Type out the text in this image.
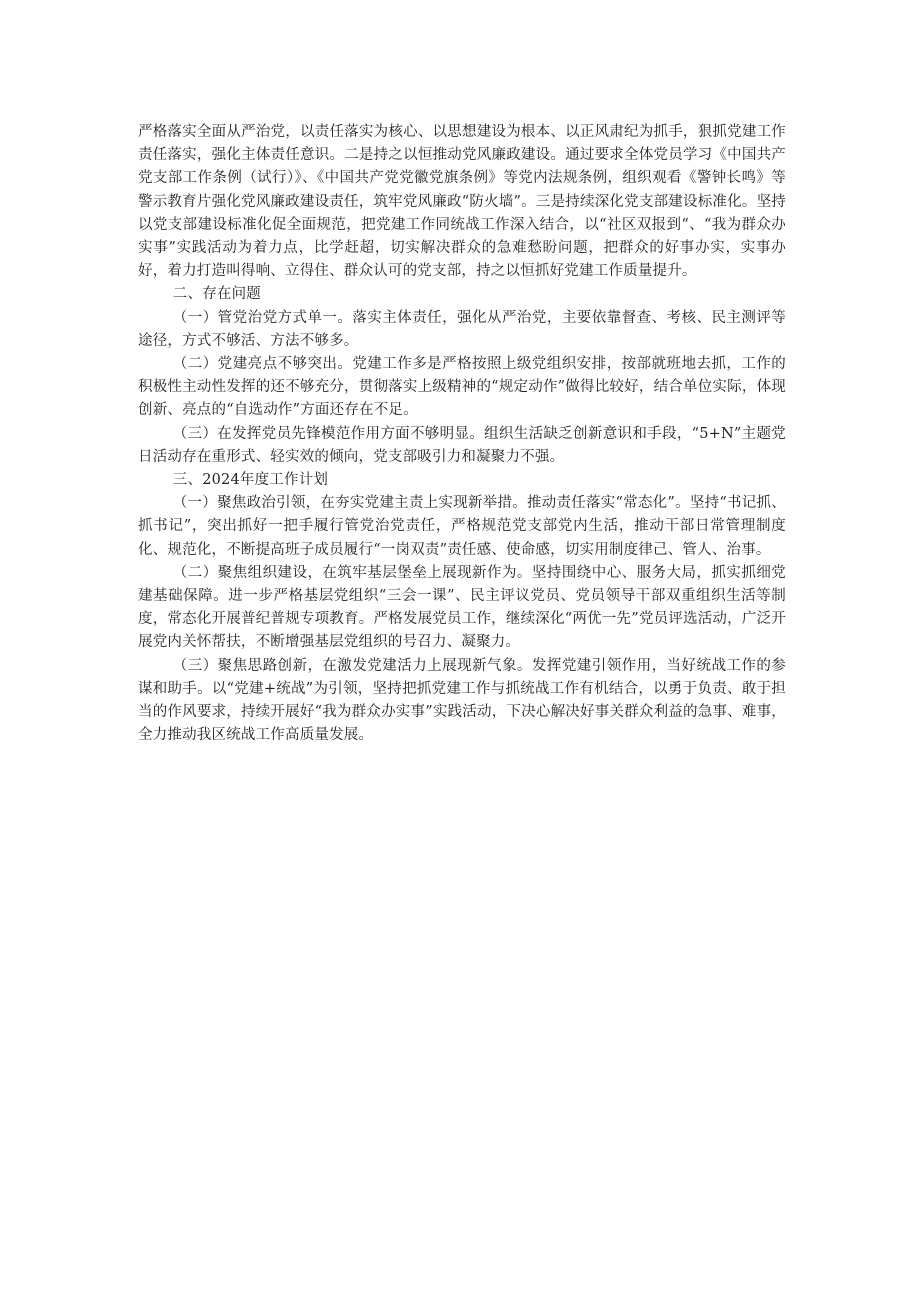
严格落实全面从严治党，以责任落实为核心、以思想建设为根本、以正风肃纪为抓手，狠抓党建工作责任落实，强化主体责任意识。二是持之以恒推动党风廉政建设。通过要求全体党员学习《中国共产党支部工作条例（试行）》、《中国共产党党徽党旗条例》等党内法规条例，组织观看《警钟长鸣》等警示教育片强化党风廉政建设责任，筑牢党风廉政“防火墙”。三是持续深化党支部建设标准化。坚持以党支部建设标准化促全面规范，把党建工作同统战工作深入结合，以“社区双报到“、“我为群众办实事”实践活动为着力点，比学赶超，切实解决群众的急难愁盼问题，把群众的好事办实，实事办好，着力打造叫得响、立得住、群众认可的党支部，持之以恒抓好党建工作质量提升。

二、存在问题

（一）管党治党方式单一。落实主体责任，强化从严治党，主要依靠督查、考核、民主测评等途径，方式不够活、方法不够多。

（二）党建亮点不够突出。党建工作多是严格按照上级党组织安排，按部就班地去抓，工作的积极性主动性发挥的还不够充分，贯彻落实上级精神的“规定动作”做得比较好，结合单位实际，体现创新、亮点的“自选动作”方面还存在不足。

（三）在发挥党员先锋模范作用方面不够明显。组织生活缺乏创新意识和手段，“5+N”主题党日活动存在重形式、轻实效的倾向，党支部吸引力和凝聚力不强。

三、2024年度工作计划

（一）聚焦政治引领，在夯实党建主责上实现新举措。推动责任落实“常态化”。坚持“书记抓、抓书记”，突出抓好一把手履行管党治党责任，严格规范党支部党内生活，推动干部日常管理制度化、规范化，不断提高班子成员履行“一岗双责”责任感、使命感，切实用制度律己、管人、治事。

（二）聚焦组织建设，在筑牢基层堡垒上展现新作为。坚持围绕中心、服务大局，抓实抓细党建基础保障。进一步严格基层党组织“三会一课”、民主评议党员、党员领导干部双重组织生活等制度，常态化开展普纪普规专项教育。严格发展党员工作，继续深化“两优一先”党员评选活动，广泛开展党内关怀帮扶，不断增强基层党组织的号召力、凝聚力。

（三）聚焦思路创新，在激发党建活力上展现新气象。发挥党建引领作用，当好统战工作的参谋和助手。以“党建+统战”为引领，坚持把抓党建工作与抓统战工作有机结合，以勇于负责、敢于担当的作风要求，持续开展好“我为群众办实事”实践活动，下决心解决好事关群众利益的急事、难事，全力推动我区统战工作高质量发展。
